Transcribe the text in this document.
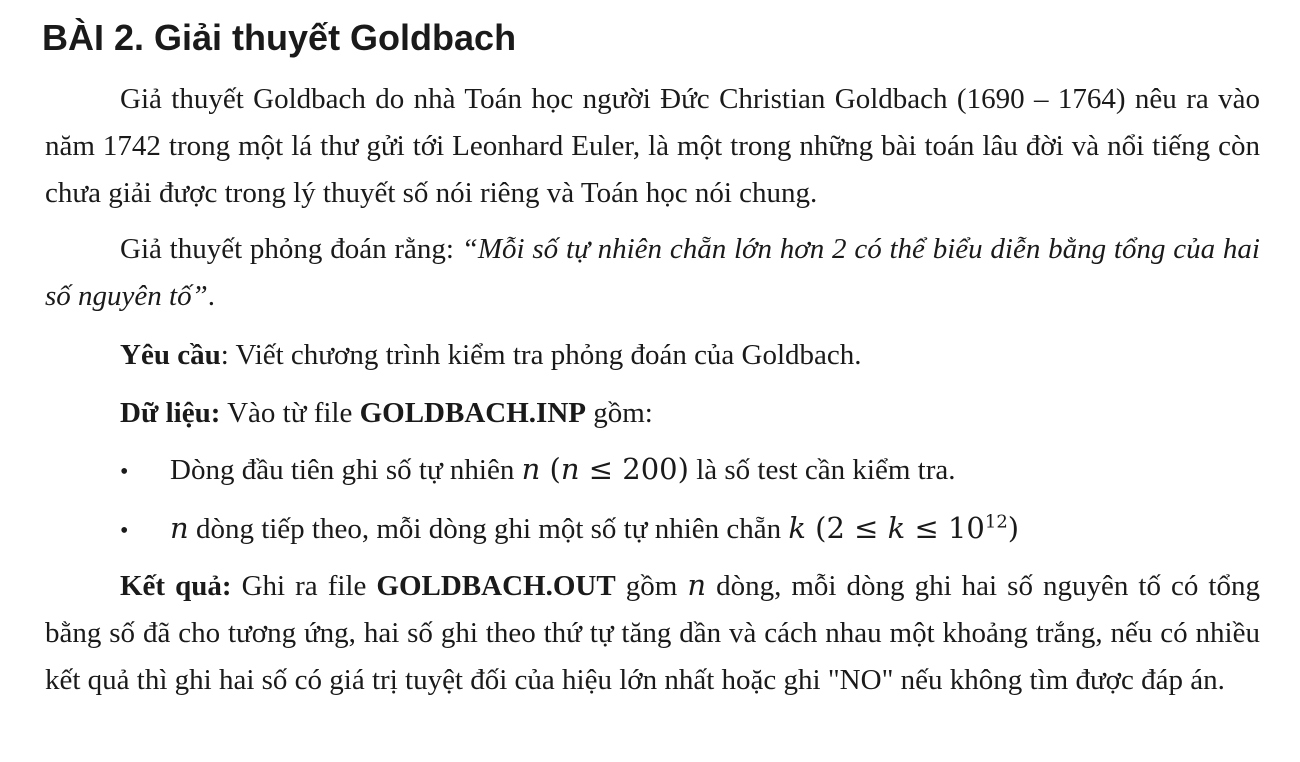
BÀI 2. Giải thuyết Goldbach
Giả thuyết Goldbach do nhà Toán học người Đức Christian Goldbach (1690 – 1764) nêu ra vào năm 1742 trong một lá thư gửi tới Leonhard Euler, là một trong những bài toán lâu đời và nổi tiếng còn chưa giải được trong lý thuyết số nói riêng và Toán học nói chung.
Giả thuyết phỏng đoán rằng: “Mỗi số tự nhiên chẵn lớn hơn 2 có thể biểu diễn bằng tổng của hai số nguyên tố”.
Yêu cầu: Viết chương trình kiểm tra phỏng đoán của Goldbach.
Dữ liệu: Vào từ file GOLDBACH.INP gồm:
• Dòng đầu tiên ghi số tự nhiên n (n ≤ 200) là số test cần kiểm tra.
• n dòng tiếp theo, mỗi dòng ghi một số tự nhiên chẵn k $(2 \le k \le 10^{12})$
Kết quả: Ghi ra file GOLDBACH.OUT gồm n dòng, mỗi dòng ghi hai số nguyên tố có tổng bằng số đã cho tương ứng, hai số ghi theo thứ tự tăng dần và cách nhau một khoảng trắng, nếu có nhiều kết quả thì ghi hai số có giá trị tuyệt đối của hiệu lớn nhất hoặc ghi "NO" nếu không tìm được đáp án.
